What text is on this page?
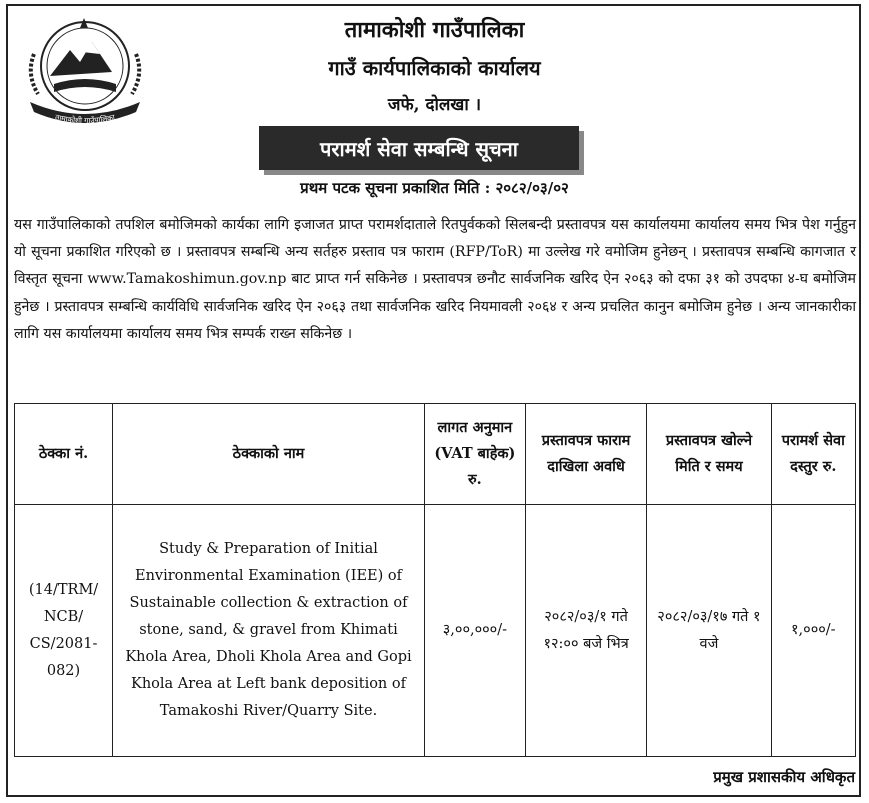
तामाकोशी गाउँपालिका
तामाकोशी गाउँपालिका
गाउँ कार्यपालिकाको कार्यालय
जफे, दोलखा ।
परामर्श सेवा सम्बन्धि सूचना
प्रथम पटक सूचना प्रकाशित मिति : २०८२/०३/०२
यस गाउँपालिकाको तपशिल बमोजिमको कार्यका लागि इजाजत प्राप्त परामर्शदाताले रितपुर्वकको सिलबन्दी प्रस्तावपत्र यस कार्यालयमा कार्यालय समय भित्र पेश गर्नुहुन यो सूचना प्रकाशित गरिएको छ । प्रस्तावपत्र सम्बन्धि अन्य सर्तहरु प्रस्ताव पत्र फाराम (RFP/ToR) मा उल्लेख गरे वमोजिम हुनेछन् । प्रस्तावपत्र सम्बन्धि कागजात र विस्तृत सूचना www.Tamakoshimun.gov.np बाट प्राप्त गर्न सकिनेछ । प्रस्तावपत्र छनौट सार्वजनिक खरिद ऐन २०६३ को दफा ३१ को उपदफा ४-घ बमोजिम हुनेछ । प्रस्तावपत्र सम्बन्धि कार्यविधि सार्वजनिक खरिद ऐन २०६३ तथा सार्वजनिक खरिद नियमावली २०६४ र अन्य प्रचलित कानुन बमोजिम हुनेछ । अन्य जानकारीका लागि यस कार्यालयमा कार्यालय समय भित्र सम्पर्क राख्न सकिनेछ ।
ठेक्का नं.	ठेक्काको नाम	लागत अनुमान (VAT बाहेक) रु.	प्रस्तावपत्र फाराम दाखिला अवधि	प्रस्तावपत्र खोल्ने मिति र समय	परामर्श सेवा दस्तुर रु.
(14/TRM/ NCB/ CS/2081- 082)	Study & Preparation of Initial Environmental Examination (IEE) of Sustainable collection & extraction of stone, sand, & gravel from Khimati Khola Area, Dholi Khola Area and Gopi Khola Area at Left bank deposition of Tamakoshi River/Quarry Site.	३,००,०००/-	२०८२/०३/१ गते १२:०० बजे भित्र	२०८२/०३/१७ गते १ वजे	१,०००/-
प्रमुख प्रशासकीय अधिकृत
